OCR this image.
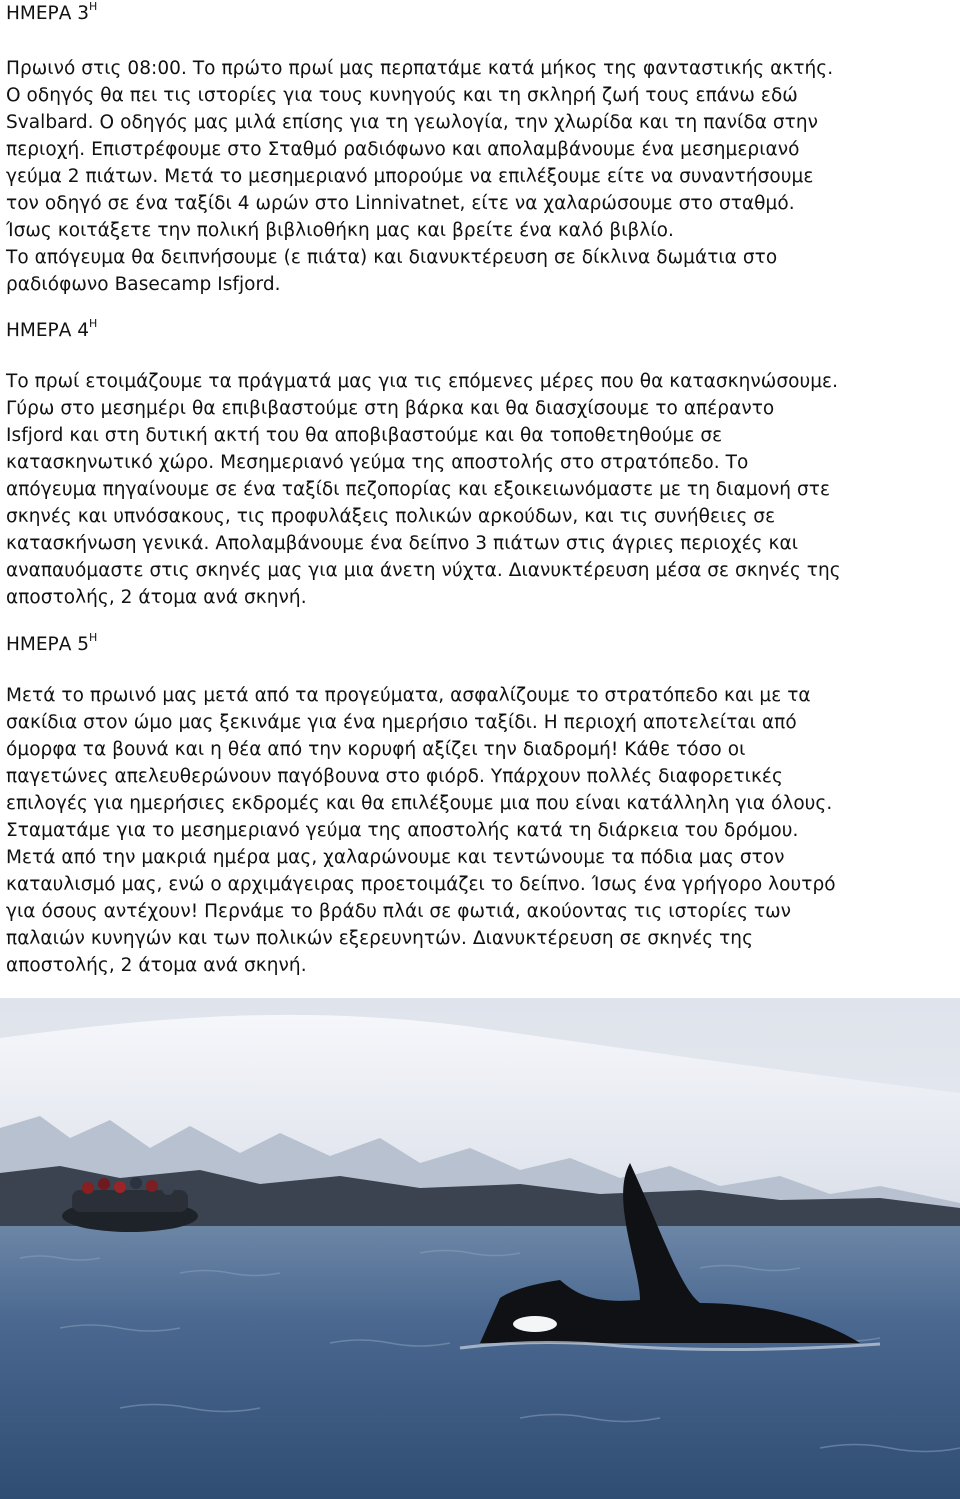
ΗΜΕΡΑ $3^H$

Πρωινό στις 08:00. Το πρώτο πρωί μας περπατάμε κατά μήκος της φανταστικής ακτής.
Ο οδηγός θα πει τις ιστορίες για τους κυνηγούς και τη σκληρή ζωή τους επάνω εδώ
Svalbard. Ο οδηγός μας μιλά επίσης για τη γεωλογία, την χλωρίδα και τη πανίδα στην
περιοχή. Επιστρέφουμε στο Σταθμό ραδιόφωνο και απολαμβάνουμε ένα μεσημεριανό
γεύμα 2 πιάτων. Μετά το μεσημεριανό μπορούμε να επιλέξουμε είτε να συναντήσουμε
τον οδηγό σε ένα ταξίδι 4 ωρών στο Linnivatnet, είτε να χαλαρώσουμε στο σταθμό.
Ίσως κοιτάξετε την πολική βιβλιοθήκη μας και βρείτε ένα καλό βιβλίο.
Το απόγευμα θα δειπνήσουμε (ε πιάτα) και διανυκτέρευση σε δίκλινα δωμάτια στο
ραδιόφωνο Basecamp Isfjord.

ΗΜΕΡΑ $4^H$

Το πρωί ετοιμάζουμε τα πράγματά μας για τις επόμενες μέρες που θα κατασκηνώσουμε.
Γύρω στο μεσημέρι θα επιβιβαστούμε στη βάρκα και θα διασχίσουμε το απέραντο
Isfjord και στη δυτική ακτή του θα αποβιβαστούμε και θα τοποθετηθούμε σε
κατασκηνωτικό χώρο. Μεσημεριανό γεύμα της αποστολής στο στρατόπεδο. Το
απόγευμα πηγαίνουμε σε ένα ταξίδι πεζοπορίας και εξοικειωνόμαστε με τη διαμονή στε
σκηνές και υπνόσακους, τις προφυλάξεις πολικών αρκούδων, και τις συνήθειες σε
κατασκήνωση γενικά. Απολαμβάνουμε ένα δείπνο 3 πιάτων στις άγριες περιοχές και
αναπαυόμαστε στις σκηνές μας για μια άνετη νύχτα. Διανυκτέρευση μέσα σε σκηνές της
αποστολής, 2 άτομα ανά σκηνή.

ΗΜΕΡΑ $5^H$

Μετά το πρωινό μας μετά από τα προγεύματα, ασφαλίζουμε το στρατόπεδο και με τα
σακίδια στον ώμο μας ξεκινάμε για ένα ημερήσιο ταξίδι. Η περιοχή αποτελείται από
όμορφα τα βουνά και η θέα από την κορυφή αξίζει την διαδρομή! Κάθε τόσο οι
παγετώνες απελευθερώνουν παγόβουνα στο φιόρδ. Υπάρχουν πολλές διαφορετικές
επιλογές για ημερήσιες εκδρομές και θα επιλέξουμε μια που είναι κατάλληλη για όλους.
Σταματάμε για το μεσημεριανό γεύμα της αποστολής κατά τη διάρκεια του δρόμου.
Μετά από την μακριά ημέρα μας, χαλαρώνουμε και τεντώνουμε τα πόδια μας στον
καταυλισμό μας, ενώ ο αρχιμάγειρας προετοιμάζει το δείπνο. Ίσως ένα γρήγορο λουτρό
για όσους αντέχουν! Περνάμε το βράδυ πλάι σε φωτιά, ακούοντας τις ιστορίες των
παλαιών κυνηγών και των πολικών εξερευνητών. Διανυκτέρευση σε σκηνές της
αποστολής, 2 άτομα ανά σκηνή.
